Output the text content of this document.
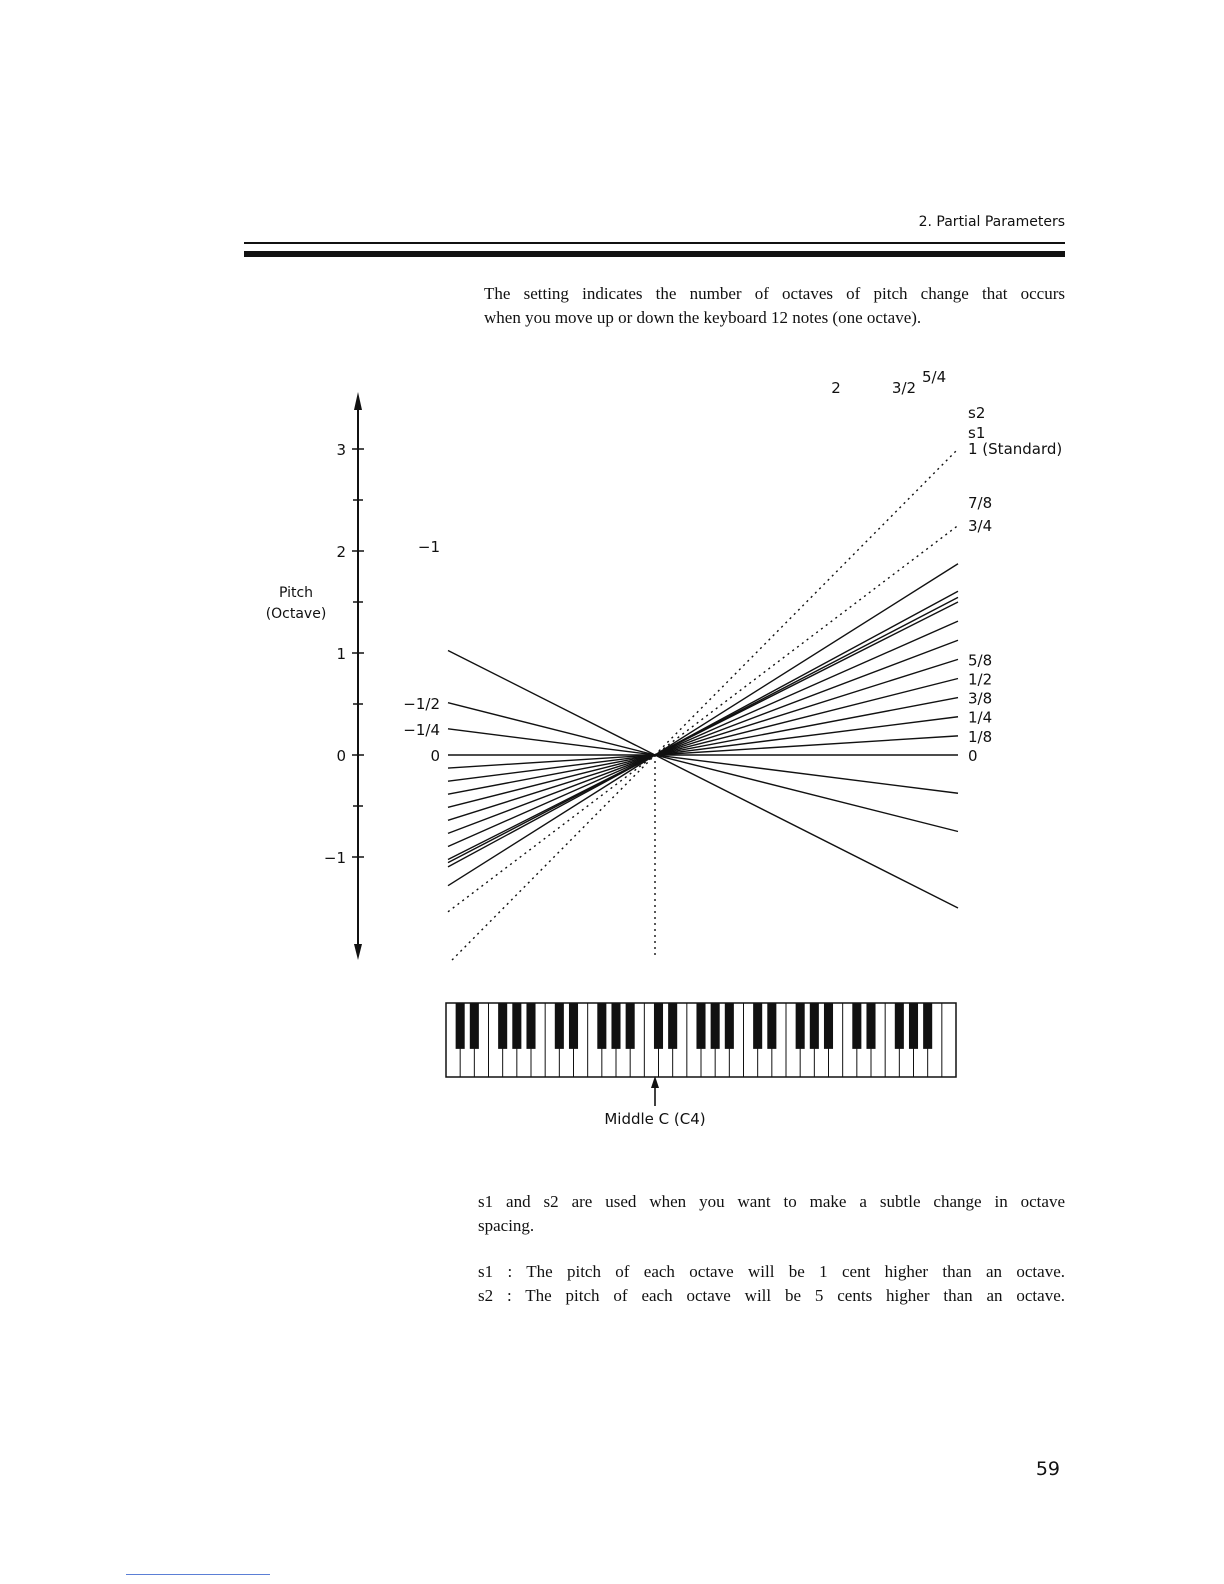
2. Partial Parameters

The setting indicates the number of octaves of pitch change that occurs
when you move up or down the keyboard 12 notes (one octave).

3
2
1
0
−1
Pitch
(Octave)
−1
−1/2
−1/4
0
1/8
1/4
3/8
1/2
5/8
3/4
7/8
1 (Standard)
s1
s2
5/4
3/2
2
0
Middle C (C4)

s1 and s2 are used when you want to make a subtle change in octave
spacing.

s1 : The pitch of each octave will be 1 cent higher than an octave.

s2 : The pitch of each octave will be 5 cents higher than an octave.

59
